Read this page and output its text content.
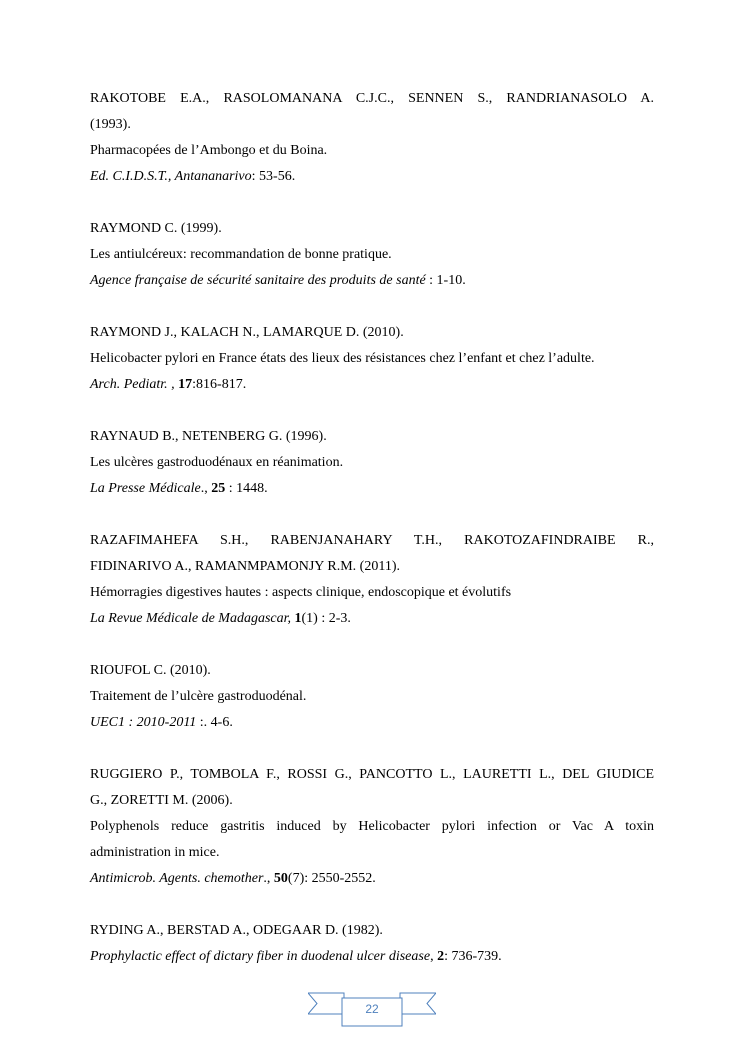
RAKOTOBE E.A., RASOLOMANANA C.J.C., SENNEN S., RANDRIANASOLO A.
(1993).
Pharmacopées de l’Ambongo et du Boina.
Ed. C.I.D.S.T., Antananarivo: 53-56.
RAYMOND C. (1999).
Les antiulcéreux: recommandation de bonne pratique.
Agence française de sécurité sanitaire des produits de santé : 1-10.
RAYMOND J., KALACH N., LAMARQUE D. (2010).
Helicobacter pylori en France états des lieux des résistances chez l’enfant et chez l’adulte.
Arch. Pediatr. , 17:816-817.
RAYNAUD B., NETENBERG G. (1996).
Les ulcères gastroduodénaux en réanimation.
La Presse Médicale., 25 : 1448.
RAZAFIMAHEFA S.H., RABENJANAHARY T.H., RAKOTOZAFINDRAIBE R.,
FIDINARIVO A., RAMANMPAMONJY R.M. (2011).
Hémorragies digestives hautes : aspects clinique, endoscopique et évolutifs
La Revue Médicale de Madagascar, 1(1) : 2-3.
RIOUFOL C. (2010).
Traitement de l’ulcère gastroduodénal.
UEC1 : 2010-2011 :. 4-6.
RUGGIERO P., TOMBOLA F., ROSSI G., PANCOTTO L., LAURETTI L., DEL GIUDICE
G., ZORETTI M. (2006).
Polyphenols reduce gastritis induced by Helicobacter pylori infection or Vac A toxin
administration in mice.
Antimicrob. Agents. chemother., 50(7): 2550-2552.
RYDING A., BERSTAD A., ODEGAAR D. (1982).
Prophylactic effect of dictary fiber in duodenal ulcer disease, 2: 736-739.
22
